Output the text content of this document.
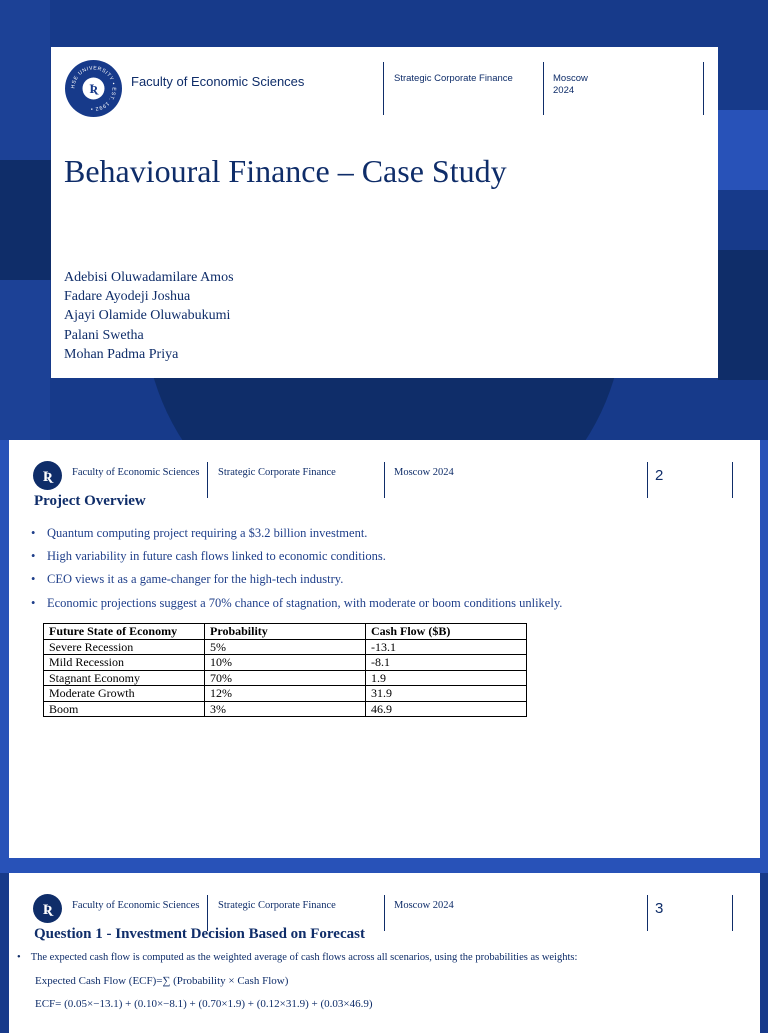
HSE UNIVERSITY • EST. 1992 •
Ʀ	Faculty of Economic Sciences	Strategic Corporate Finance	Moscow
2024
Behavioural Finance – Case Study
Adebisi Oluwadamilare Amos
Fadare Ayodeji Joshua
Ajayi Olamide Oluwabukumi
Palani Swetha
Mohan Padma Priya
Ʀ Faculty of Economic Sciences Strategic Corporate Finance	Moscow 2024	2
Project Overview
• Quantum computing project requiring a $3.2 billion investment.
• High variability in future cash flows linked to economic conditions.
• CEO views it as a game-changer for the high-tech industry.
• Economic projections suggest a 70% chance of stagnation, with moderate or boom conditions unlikely.
Future State of Economy	Probability	Cash Flow ($B)
Severe Recession	5%	-13.1
Mild Recession	10%	-8.1
Stagnant Economy	70%	1.9
Moderate Growth	12%	31.9
Boom	3%	46.9
Ʀ Faculty of Economic Sciences Strategic Corporate Finance	Moscow 2024	3
Question 1 - Investment Decision Based on Forecast
• The expected cash flow is computed as the weighted average of cash flows across all scenarios, using the probabilities as weights:
Expected Cash Flow (ECF)=∑ (Probability × Cash Flow)
ECF= (0.05×−13.1) + (0.10×−8.1) + (0.70×1.9) + (0.12×31.9) + (0.03×46.9)
